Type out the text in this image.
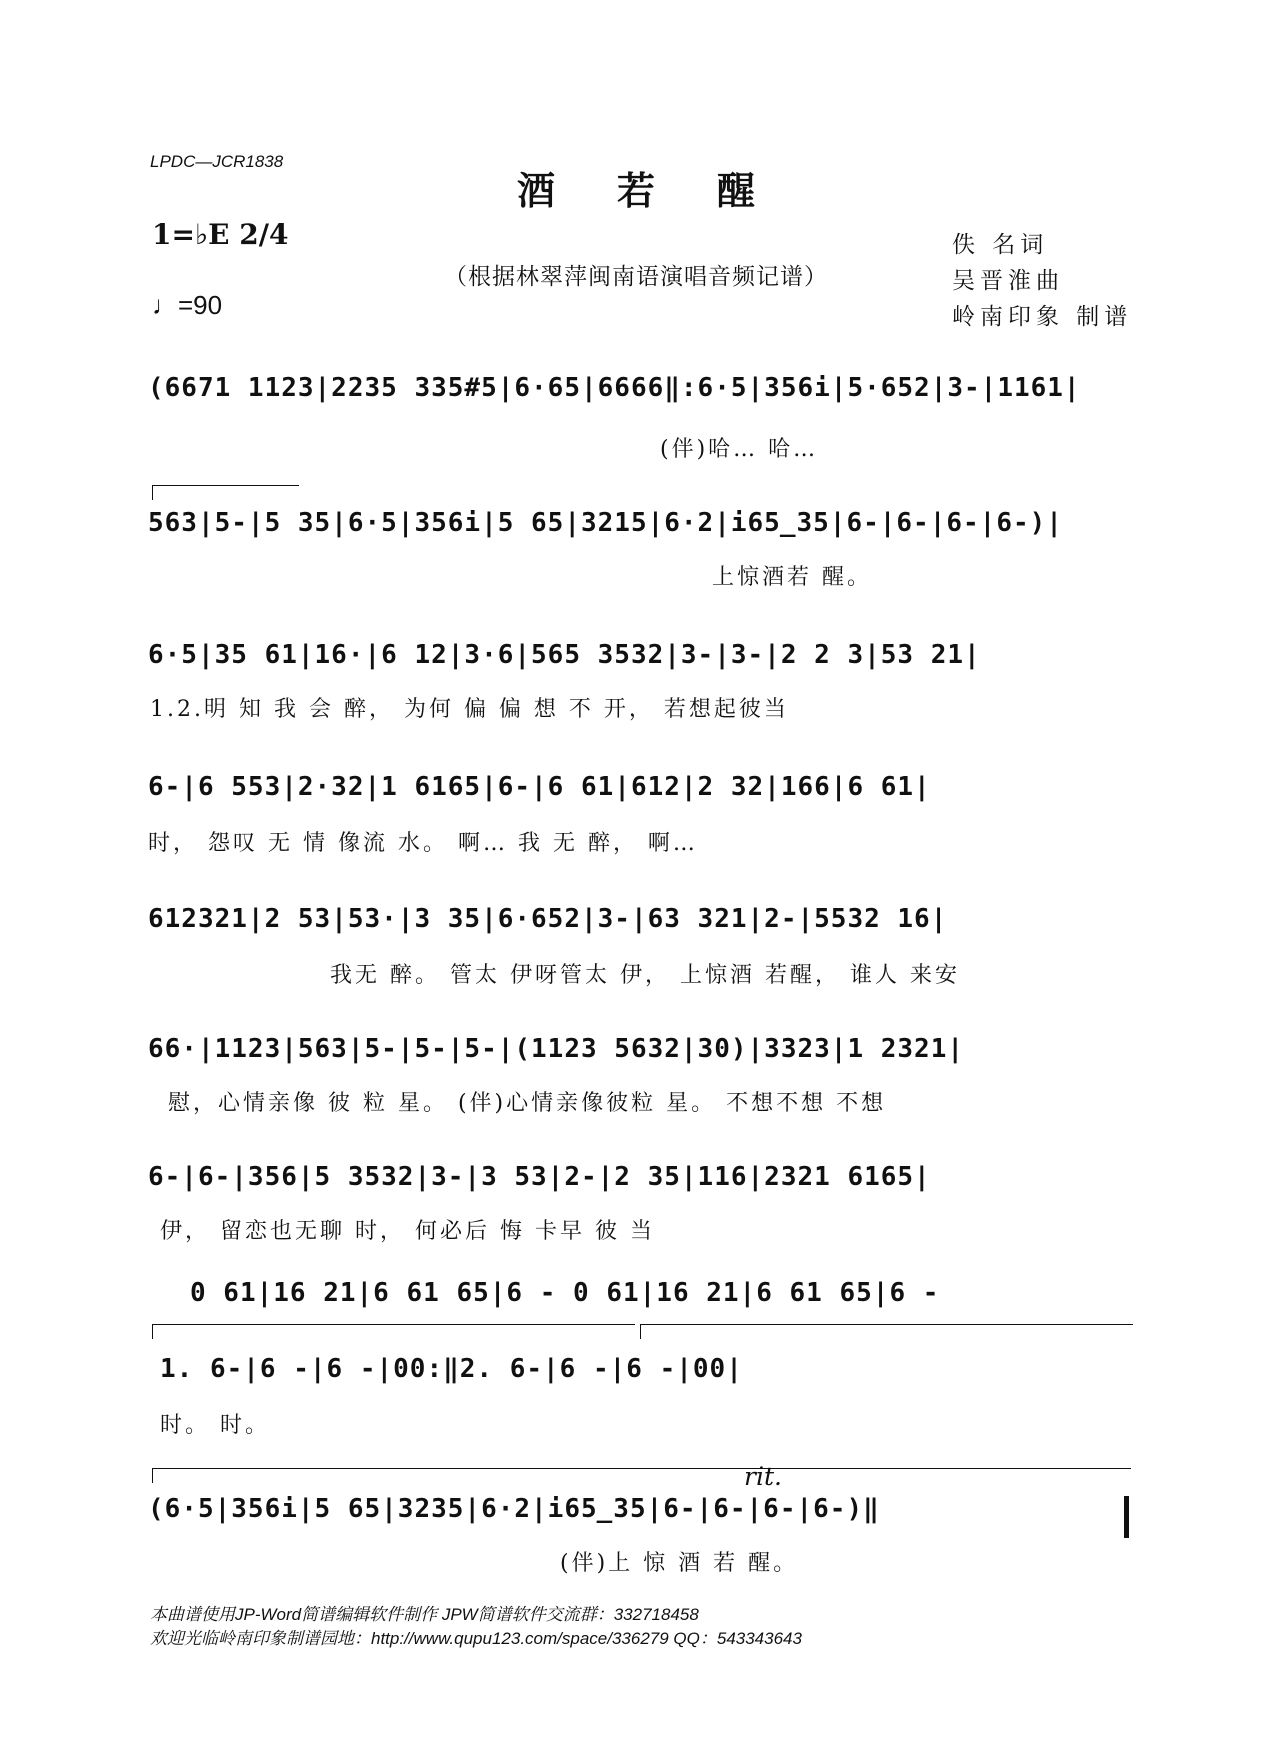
LPDC—JCR1838
酒若醒
1=♭E 2/4
♩=90
（根据林翠萍闽南语演唱音频记谱）
佚 名词
吴晋淮曲
岭南印象 制谱
rit.
(6671 1123|2235 335#5|6·65|6666‖:6·5|356i|5·652|3-|1161|
(伴)哈… 哈…
563|5-|5 35|6·5|356i|5 65|3215|6·2|i65̲35|6-|6-|6-|6-)|
上惊酒若 醒。
6·5|35 61|16·|6 12|3·6|565 3532|3-|3-|2 2 3|53 21|
1.2.明 知 我 会 醉， 为何 偏 偏 想 不 开， 若想起彼当
6-|6 553|2·32|1 6165|6-|6 61|612|2 32|166|6 61|
时， 怨叹 无 情 像流 水。 啊… 我 无 醉， 啊…
612321|2 53|53·|3 35|6·652|3-|63 321|2-|5532 16|
我无 醉。 管太 伊呀管太 伊， 上惊酒 若醒， 谁人 来安
66·|1123|563|5-|5-|5-|(1123 5632|30)|3323|1 2321|
慰，心情亲像 彼 粒 星。 (伴)心情亲像彼粒 星。 不想不想 不想
6-|6-|356|5 3532|3-|3 53|2-|2 35|116|2321 6165|
伊， 留恋也无聊 时， 何必后 悔 卡早 彼 当
0 61|16 21|6 61 65|6 - 0 61|16 21|6 61 65|6 -
1. 6-|6 -|6 -|00:‖2. 6-|6 -|6 -|00|
时。 时。
(6·5|356i|5 65|3235|6·2|i65̲35|6-|6-|6-|6-)‖
(伴)上 惊 酒 若 醒。
本曲谱使用JP-Word简谱编辑软件制作 JPW简谱软件交流群：332718458
欢迎光临岭南印象制谱园地：http://www.qupu123.com/space/336279 QQ：543343643
